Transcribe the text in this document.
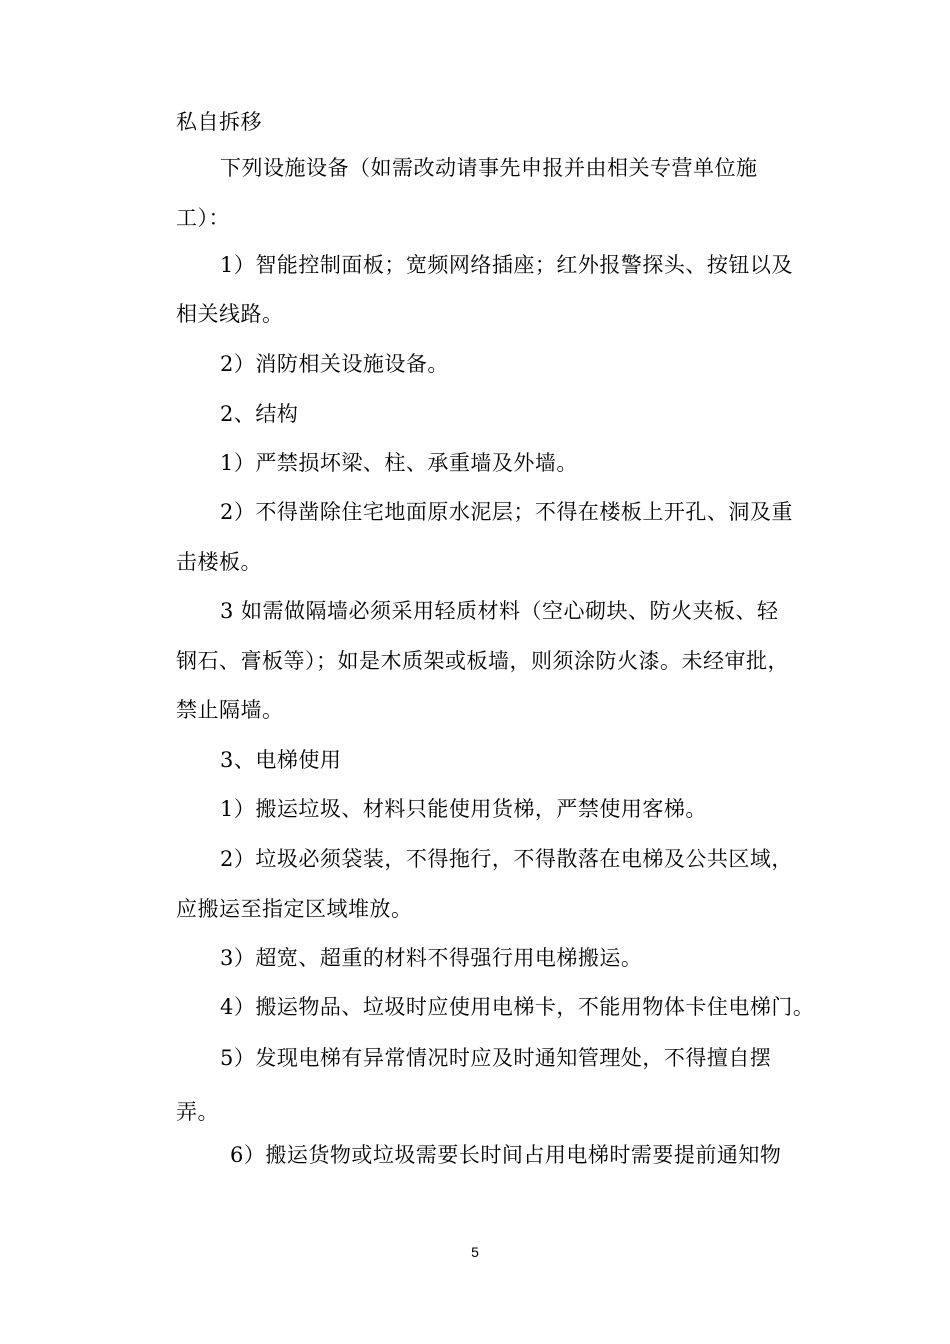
私自拆移
下列设施设备（如需改动请事先申报并由相关专营单位施
工）：
1）智能控制面板；宽频网络插座；红外报警探头、按钮以及
相关线路。
2）消防相关设施设备。
2、结构
1）严禁损坏梁、柱、承重墙及外墙。
2）不得凿除住宅地面原水泥层；不得在楼板上开孔、洞及重
击楼板。
3 如需做隔墙必须采用轻质材料（空心砌块、防火夹板、轻
钢石、膏板等）；如是木质架或板墙，则须涂防火漆。未经审批，
禁止隔墙。
3、电梯使用
1）搬运垃圾、材料只能使用货梯，严禁使用客梯。
2）垃圾必须袋装，不得拖行，不得散落在电梯及公共区域，
应搬运至指定区域堆放。
3）超宽、超重的材料不得强行用电梯搬运。
4）搬运物品、垃圾时应使用电梯卡，不能用物体卡住电梯门。
5）发现电梯有异常情况时应及时通知管理处，不得擅自摆
弄。
6）搬运货物或垃圾需要长时间占用电梯时需要提前通知物
5
